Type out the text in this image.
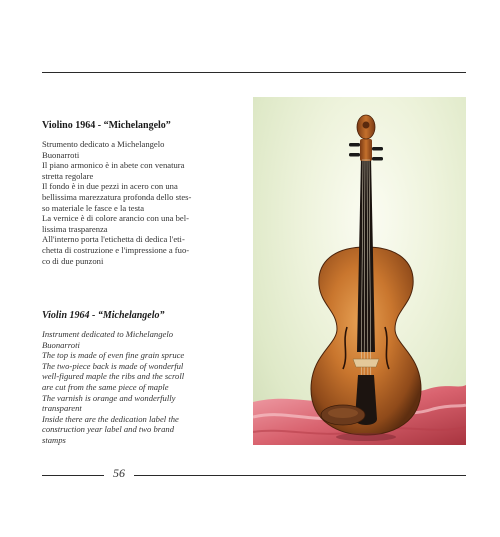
Violino 1964 - “Michelangelo”

Strumento dedicato a Michelangelo

Buonarroti

Il piano armonico è in abete con venatura

stretta regolare

Il fondo è in due pezzi in acero con una

bellissima marezzatura profonda dello stes-

so materiale le fasce e la testa

La vernice è di colore arancio con una bel-

lissima trasparenza

All'interno porta l'etichetta di dedica l'eti-

chetta di costruzione e l'impressione a fuo-

co di due punzoni

Violin 1964 - “Michelangelo”

Instrument dedicated to Michelangelo

Buonarroti

The top is made of even fine grain spruce

The two-piece back is made of wonderful

well-figured maple the ribs and the scroll

are cut from the same piece of maple

The varnish is orange and wonderfully

transparent

Inside there are the dedication label the

construction year label and two brand

stamps

56
